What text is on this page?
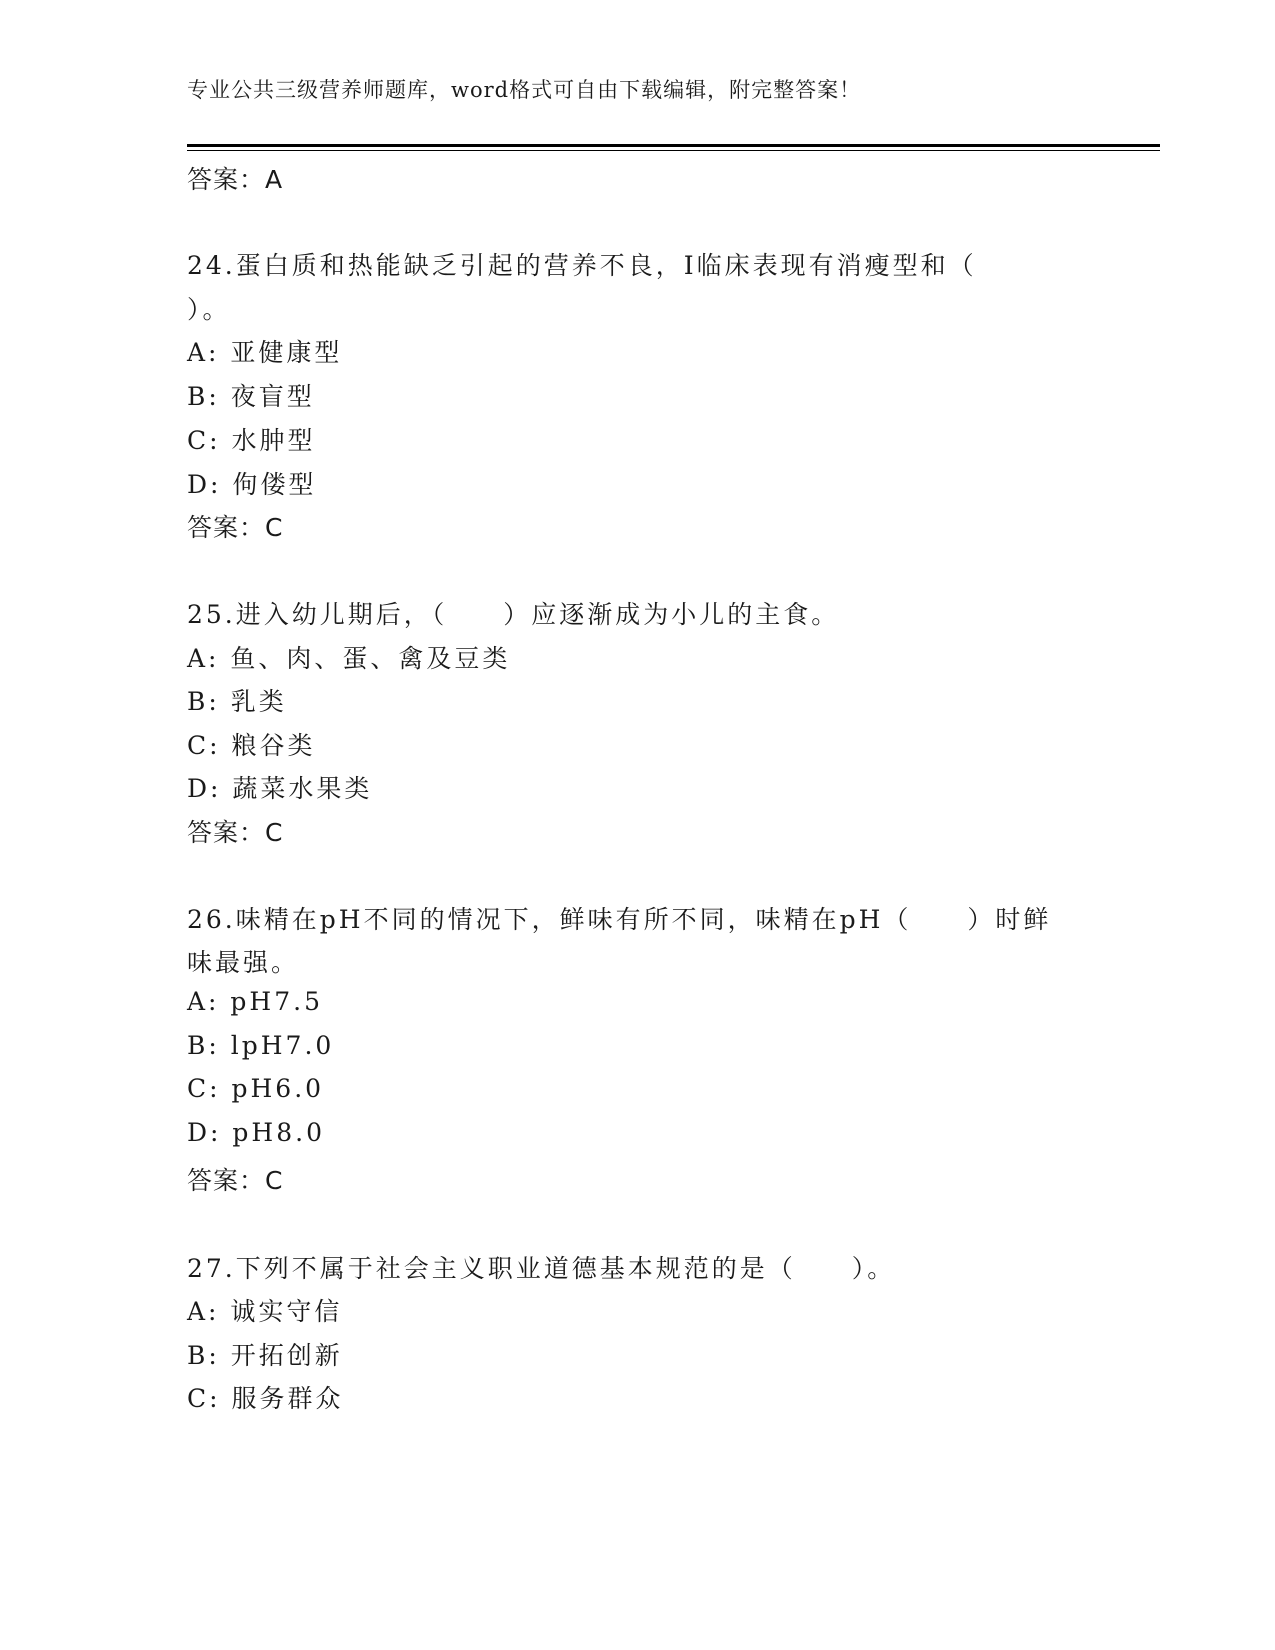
专业公共三级营养师题库，word格式可自由下载编辑，附完整答案！
答案：A
24.蛋白质和热能缺乏引起的营养不良，I临床表现有消瘦型和（
）。
A: 亚健康型
B: 夜盲型
C: 水肿型
D: 佝偻型
答案：C
25.进入幼儿期后，（　　）应逐渐成为小儿的主食。
A: 鱼、肉、蛋、禽及豆类
B: 乳类
C: 粮谷类
D: 蔬菜水果类
答案：C
26.味精在pH不同的情况下，鲜味有所不同，味精在pH（　　）时鲜
味最强。
A: pH7.5
B: lpH7.0
C: pH6.0
D: pH8.0
答案：C
27.下列不属于社会主义职业道德基本规范的是（　　）。
A: 诚实守信
B: 开拓创新
C: 服务群众
